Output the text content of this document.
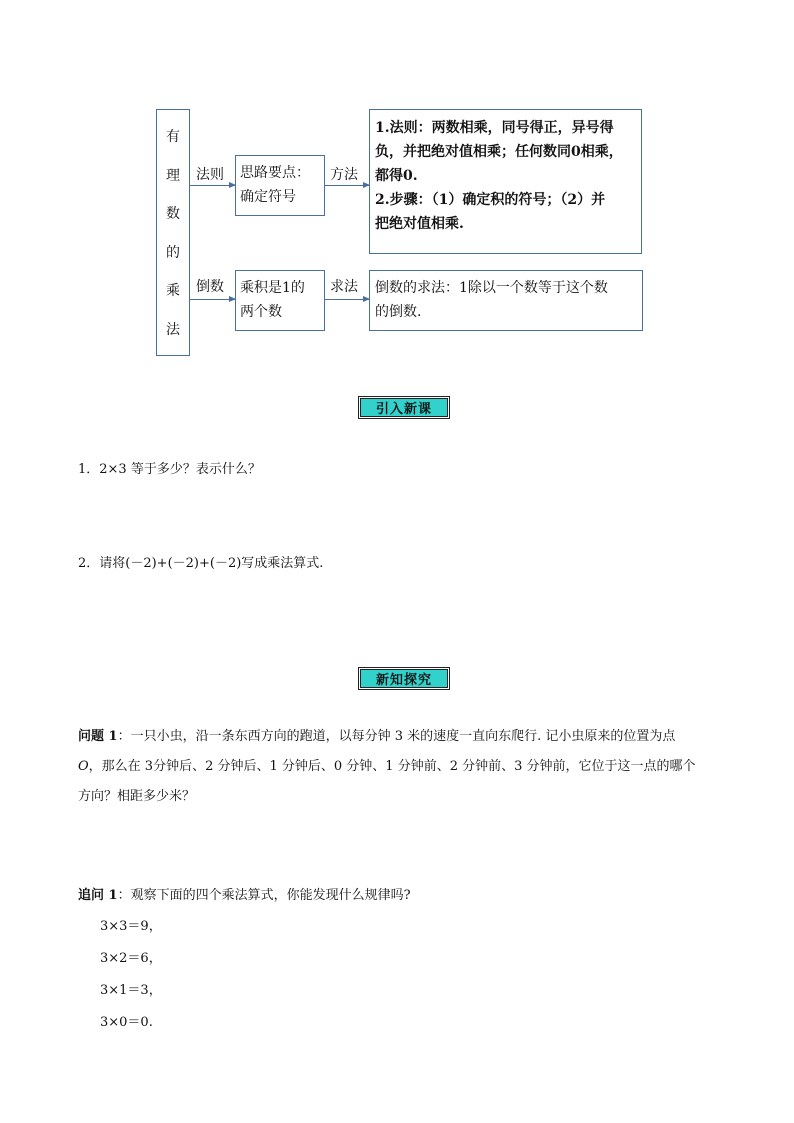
有
理
数
的
乘
法
法则 思路要点：
确定符号
方法
1.法则：两数相乘，同号得正，异号得
负，并把绝对值相乘；任何数同0相乘，
都得0.
2.步骤：（1）确定积的符号；（2）并
把绝对值相乘.
倒数 乘积是1的
两个数
求法 倒数的求法：1除以一个数等于这个数
的倒数.
引入新课
1．2×3 等于多少？表示什么？
2．请将(－2)+(－2)+(－2)写成乘法算式.
新知探究
问题 1：一只小虫，沿一条东西方向的跑道，以每分钟 3 米的速度一直向东爬行. 记小虫原来的位置为点
O，那么在 3分钟后、2 分钟后、1 分钟后、0 分钟、1 分钟前、2 分钟前、3 分钟前，它位于这一点的哪个
方向？相距多少米？
追问 1：观察下面的四个乘法算式，你能发现什么规律吗?
3×3＝9，
3×2＝6，
3×1＝3，
3×0＝0.
